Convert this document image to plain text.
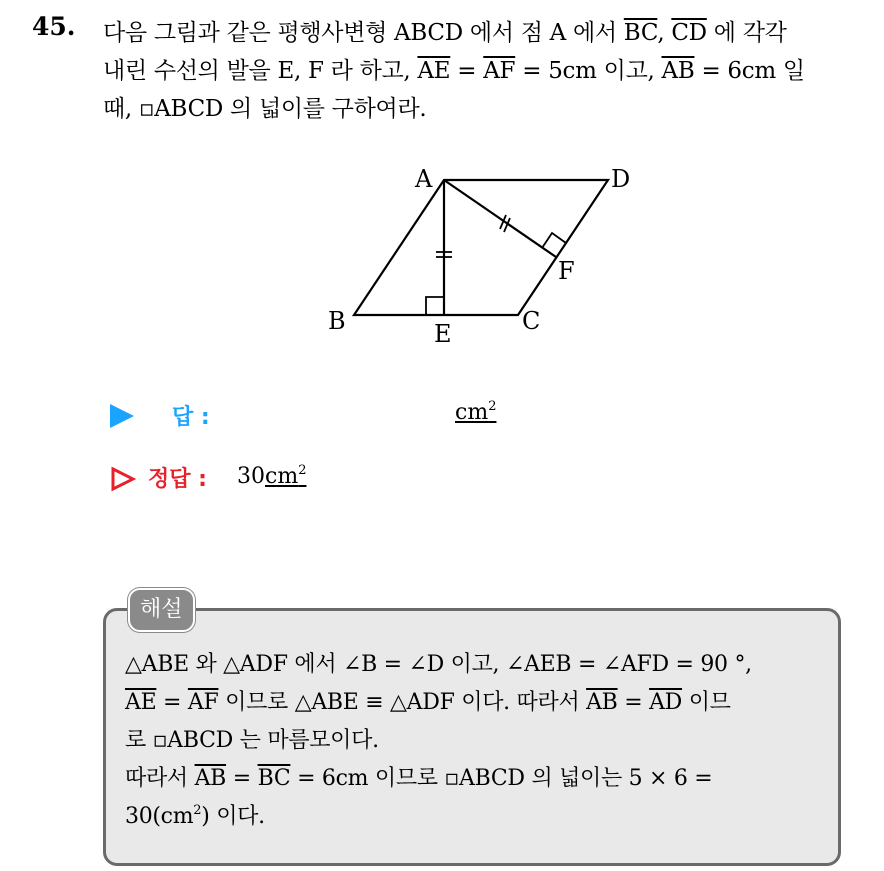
45. 다음 그림과 같은 평행사변형 ABCD 에서 점 A 에서 $\overline{BC}$, $\overline{CD}$ 에 각각
내린 수선의 발을 E, F 라 하고, $\overline{AE} = \overline{AF} = 5cm$ 이고, $\overline{AB} = 6cm$ 일
때, ▫ABCD 의 넓이를 구하여라.
A	D
B	E	C
F
답 :	$cm^2$
정답 : $30cm^2$
해설
△ABE 와 △ADF 에서 ∠B = ∠D 이고, ∠AEB = ∠AFD = 90 °,
$\overline{AE} = \overline{AF}$ 이므로 △ABE ≡ △ADF 이다. 따라서 $\overline{AB} = \overline{AD}$ 이므
로 ▫ABCD 는 마름모이다.
따라서 $\overline{AB} = \overline{BC} = 6cm$ 이므로 ▫ABCD 의 넓이는 5 × 6 =
$30(cm^2)$ 이다.
